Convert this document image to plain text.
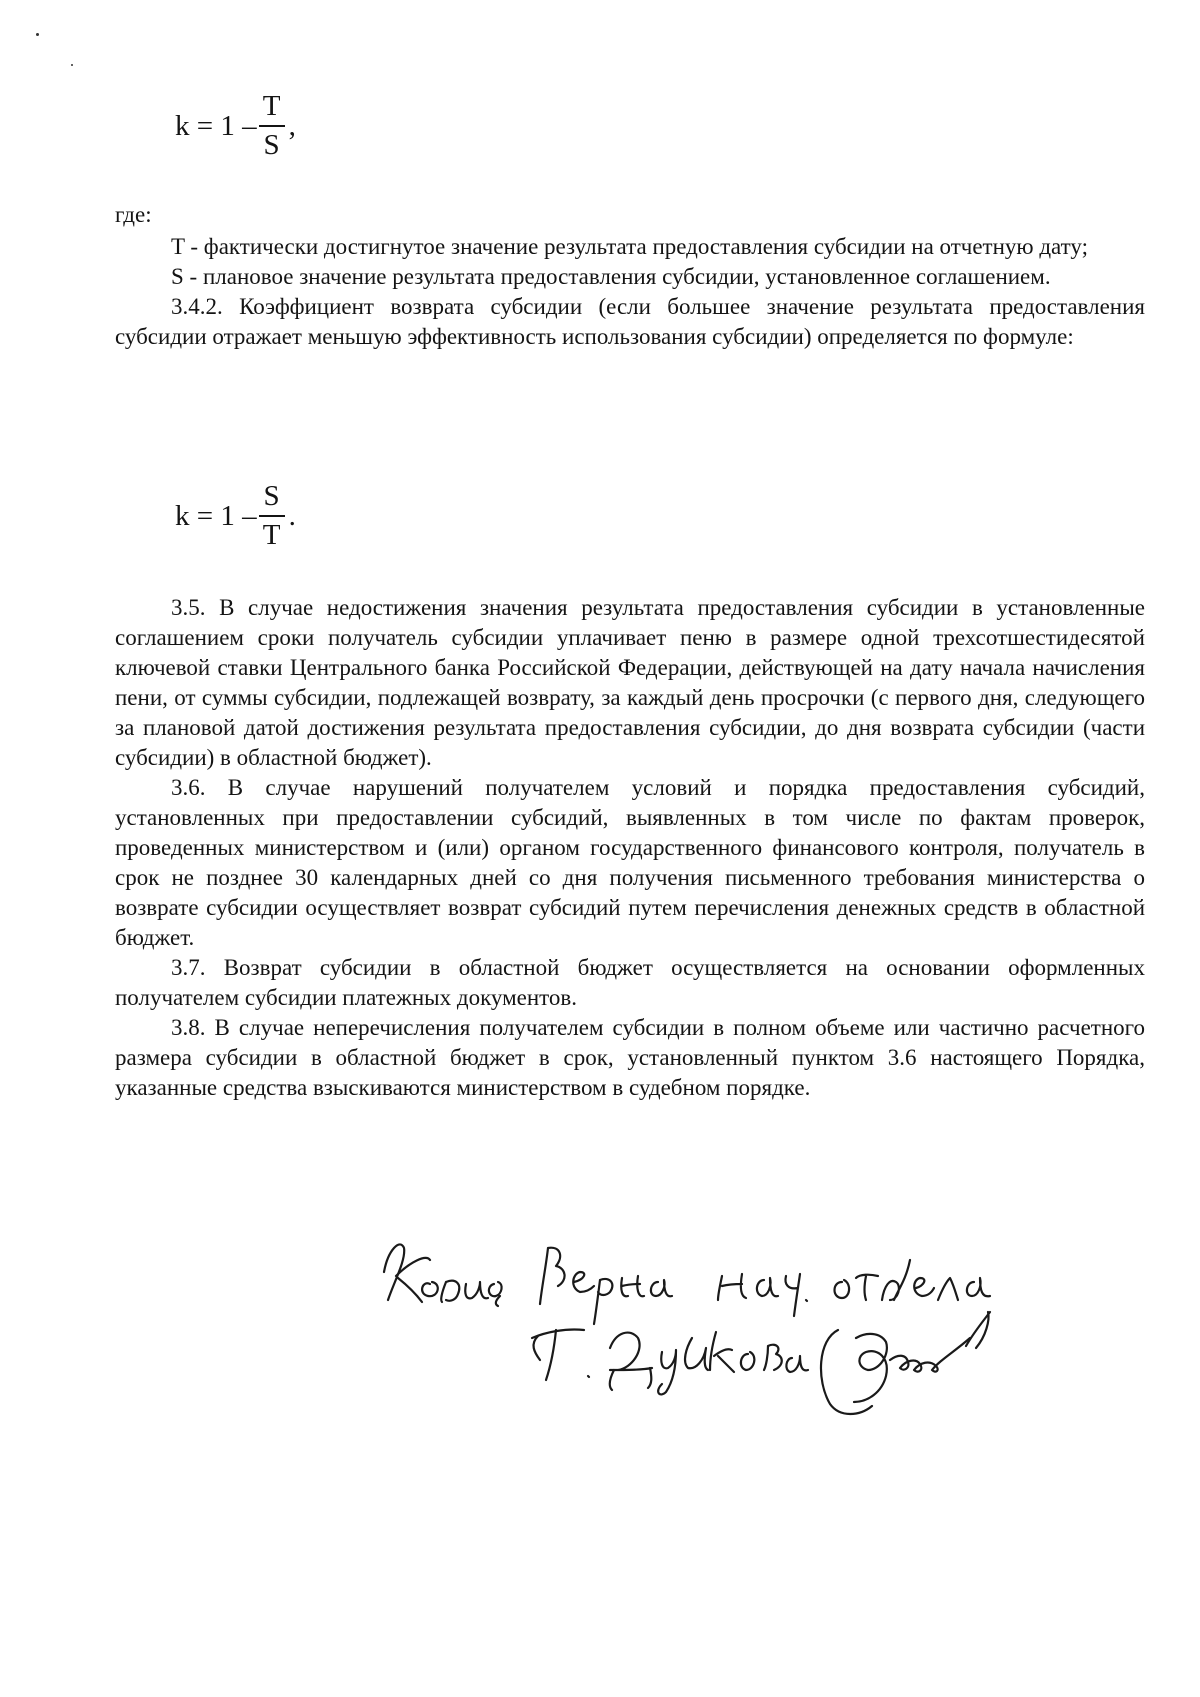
$k = 1 - \frac{T}{S}$ ,
где:

T - фактически достигнутое значение результата предоставления субсидии на отчетную дату;

S - плановое значение результата предоставления субсидии, установленное соглашением.

3.4.2. Коэффициент возврата субсидии (если большее значение результата предоставления субсидии отражает меньшую эффективность использования субсидии) определяется по формуле:

$k = 1 - \frac{S}{T}$ .

3.5. В случае недостижения значения результата предоставления субсидии в установленные соглашением сроки получатель субсидии уплачивает пеню в размере одной трехсотшестидесятой ключевой ставки Центрального банка Российской Федерации, действующей на дату начала начисления пени, от суммы субсидии, подлежащей возврату, за каждый день просрочки (с первого дня, следующего за плановой датой достижения результата предоставления субсидии, до дня возврата субсидии (части субсидии) в областной бюджет).

3.6. В случае нарушений получателем условий и порядка предоставления субсидий, установленных при предоставлении субсидий, выявленных в том числе по фактам проверок, проведенных министерством и (или) органом государственного финансового контроля, получатель в срок не позднее 30 календарных дней со дня получения письменного требования министерства о возврате субсидии осуществляет возврат субсидий путем перечисления денежных средств в областной бюджет.

3.7. Возврат субсидии в областной бюджет осуществляется на основании оформленных получателем субсидии платежных документов.

3.8. В случае неперечисления получателем субсидии в полном объеме или частично расчетного размера субсидии в областной бюджет в срок, установленный пунктом 3.6 настоящего Порядка, указанные средства взыскиваются министерством в судебном порядке.
